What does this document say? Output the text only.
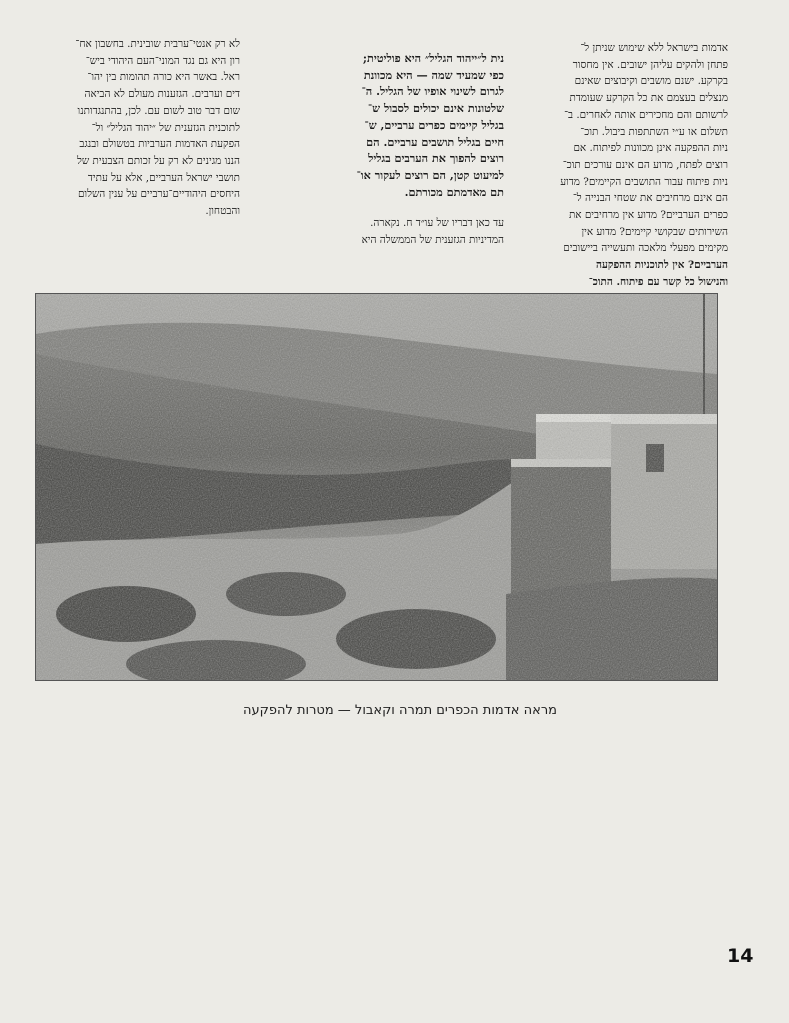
אדמות בישראל ללא שימוש שניתן ל־

פתחן ולהקים עליהן ישובים. אין מחסור

בקרקע. ישנם מושבים וקיבוצים שאינם

מנצלים בעצמם את כל הקרקע שעומדת

לרשותם והם מחכירים אותה לאחרים. ב־

תשלום או ע״י השתתפות ביבול. תוכ־

ניות ההפקעה אינן מכוונות לפיתוח. אם

רוצים לפתח, מדוע הם אינם עורכים תוכ־

ניות פיתוח עבור התושבים הקיימים? מדוע

הם אינם מרחיבים את שטחי הבנייה ל־

כפרים הערביים? מדוע אין מרחיבים את

השירותים שבקושי קיימים? מדוע אין

מקימים מפעלי מלאכה ותעשייה ביישובים

הערביים? אין לתוכניות ההפקעה

והנישול כל קשר עם פיתוח. התוכ־

נית ל״ייהוד הגליל״ היא פוליטית;

כפי שמעיד שמה — היא מכוונת

לגרום לשינוי אופיו של הגליל. ה־

שלטונות אינם יכולים לסבול ש־

בגליל קיימים כפרים ערביים, ש־

חיים בגליל תושבים ערביים. הם

רוצים להפוך את הערבים בגליל

למיעוט קטן, הם רוצים לעקור או־

תם מאדמתם מכורתם.

עד כאן דבריו של עו״ד ח. נקארה.

המדיניות הגזענית של הממשלה היא

לא רק אנטי־ערבית שובינית. בחשבון אח־

רון היא גם נגד המוני־העם היהודי ביש־

ראל. באשר היא כורה תהומות בין יהו־

דים וערבים. הגזענות מעולם לא הביאה

שום דבר טוב לשום עם. לכן, בהתנגדותנו

לתוכנית הגזענית של ״יהוד הגליל״ ול־

הפקעת האדמות הערביות בטשולם ובנגב

הננו מגינים לא רק על זכותם הצבעית של

תושבי ישראל הערביים, אלא על עתיד

היחסים היהודיים־ערביים על ענין השלום

והבטחון.

מראה אדמות הכפרים תמרה וקאבול — מטרות להפקעה
14
